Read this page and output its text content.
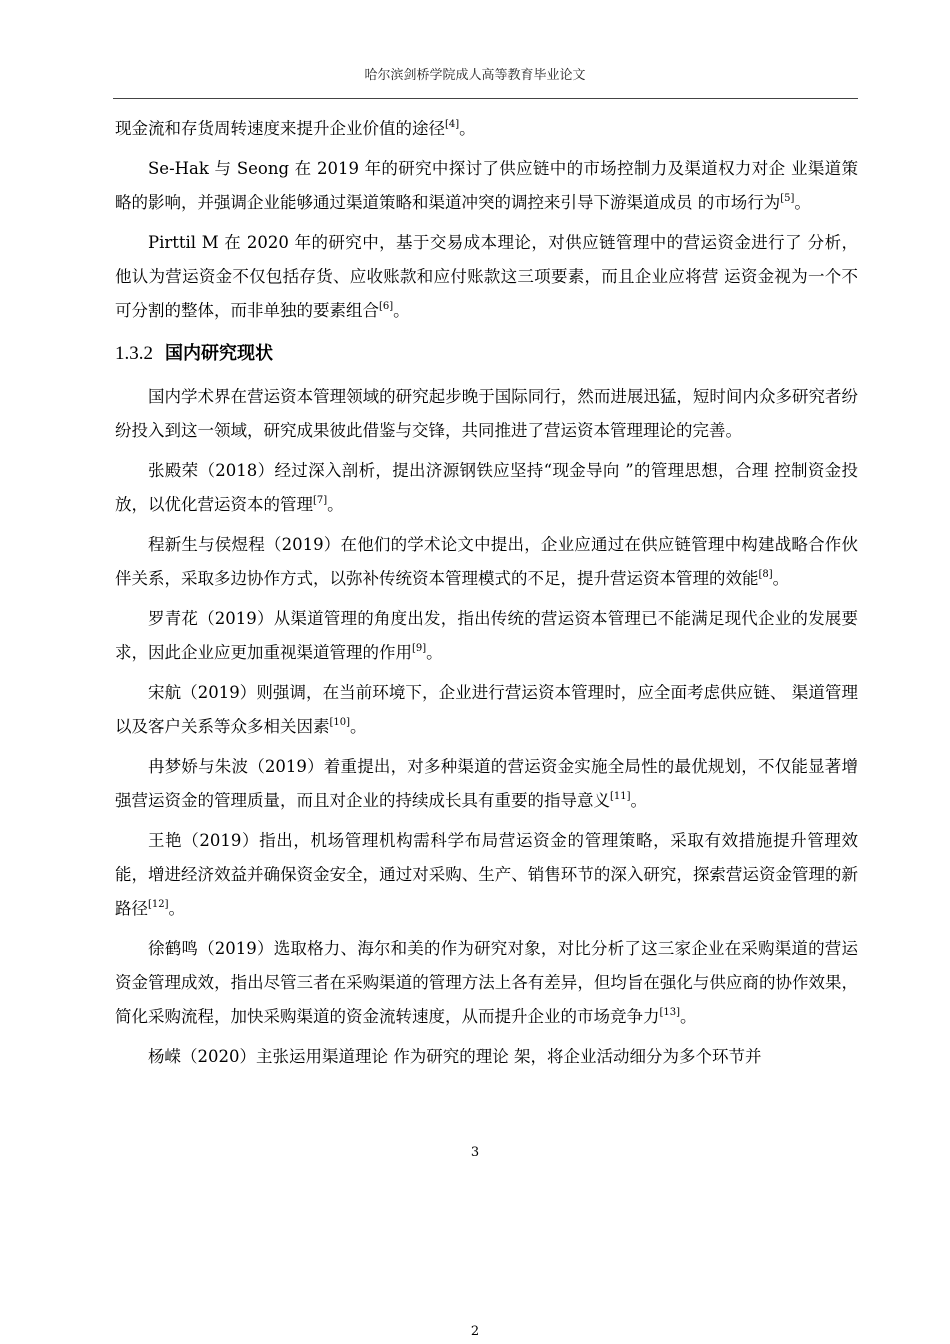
哈尔滨剑桥学院成人高等教育毕业论文
现金流和存货周转速度来提升企业价值的途径[4]。
Se-Hak 与 Seong 在 2019 年的研究中探讨了供应链中的市场控制力及渠道权力对企 业渠道策略的影响，并强调企业能够通过渠道策略和渠道冲突的调控来引导下游渠道成员 的市场行为[5]。
Pirttil M 在 2020 年的研究中，基于交易成本理论，对供应链管理中的营运资金进行了 分析，他认为营运资金不仅包括存货、应收账款和应付账款这三项要素，而且企业应将营 运资金视为一个不可分割的整体，而非单独的要素组合[6]。
1.3.2 国内研究现状
国内学术界在营运资本管理领域的研究起步晚于国际同行，然而进展迅猛，短时间内众多研究者纷纷投入到这一领域，研究成果彼此借鉴与交锋，共同推进了营运资本管理理论的完善。
张殿荣（2018）经过深入剖析，提出济源钢铁应坚持“现金导向 ”的管理思想，合理 控制资金投放，以优化营运资本的管理[7]。
程新生与侯煜程（2019）在他们的学术论文中提出，企业应通过在供应链管理中构建战略合作伙伴关系，采取多边协作方式，以弥补传统资本管理模式的不足，提升营运资本管理的效能[8]。
罗青花（2019）从渠道管理的角度出发，指出传统的营运资本管理已不能满足现代企业的发展要求，因此企业应更加重视渠道管理的作用[9]。
宋航（2019）则强调，在当前环境下，企业进行营运资本管理时，应全面考虑供应链、 渠道管理以及客户关系等众多相关因素[10]。
冉梦娇与朱波（2019）着重提出，对多种渠道的营运资金实施全局性的最优规划，不仅能显著增强营运资金的管理质量，而且对企业的持续成长具有重要的指导意义[11]。
王艳（2019）指出，机场管理机构需科学布局营运资金的管理策略，采取有效措施提升管理效能，增进经济效益并确保资金安全，通过对采购、生产、销售环节的深入研究，探索营运资金管理的新路径[12]。
徐鹤鸣（2019）选取格力、海尔和美的作为研究对象，对比分析了这三家企业在采购渠道的营运资金管理成效，指出尽管三者在采购渠道的管理方法上各有差异，但均旨在强化与供应商的协作效果，简化采购流程，加快采购渠道的资金流转速度，从而提升企业的市场竞争力[13]。
杨嵘（2020）主张运用渠道理论 作为研究的理论 架，将企业活动细分为多个环节并
3
2
